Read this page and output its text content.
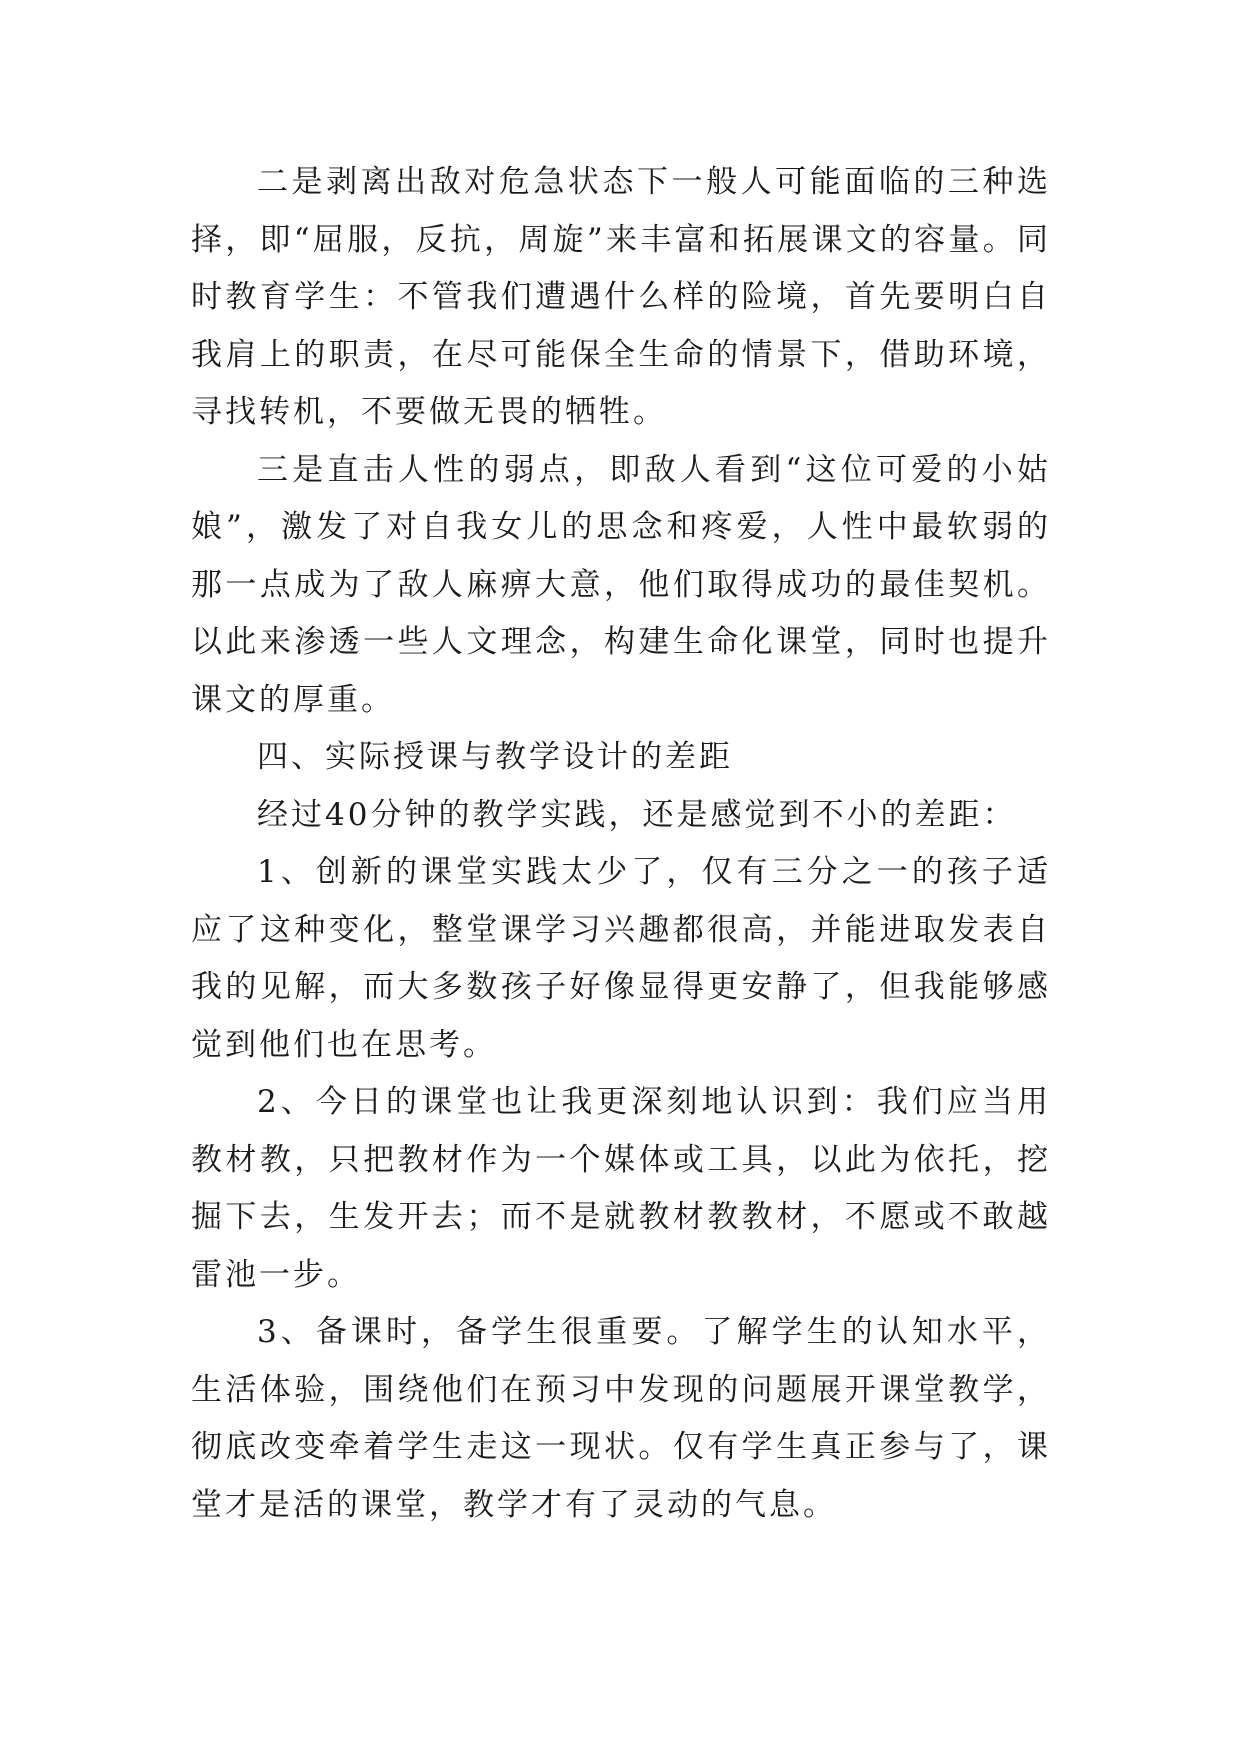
二是剥离出敌对危急状态下一般人可能面临的三种选择，即“屈服，反抗，周旋”来丰富和拓展课文的容量。同时教育学生：不管我们遭遇什么样的险境，首先要明白自我肩上的职责，在尽可能保全生命的情景下，借助环境，寻找转机，不要做无畏的牺牲。

三是直击人性的弱点，即敌人看到“这位可爱的小姑娘”，激发了对自我女儿的思念和疼爱，人性中最软弱的那一点成为了敌人麻痹大意，他们取得成功的最佳契机。以此来渗透一些人文理念，构建生命化课堂，同时也提升课文的厚重。

四、实际授课与教学设计的差距

经过40分钟的教学实践，还是感觉到不小的差距：

1、创新的课堂实践太少了，仅有三分之一的孩子适应了这种变化，整堂课学习兴趣都很高，并能进取发表自我的见解，而大多数孩子好像显得更安静了，但我能够感觉到他们也在思考。

2、今日的课堂也让我更深刻地认识到：我们应当用教材教，只把教材作为一个媒体或工具，以此为依托，挖掘下去，生发开去；而不是就教材教教材，不愿或不敢越雷池一步。

3、备课时，备学生很重要。了解学生的认知水平，生活体验，围绕他们在预习中发现的问题展开课堂教学，彻底改变牵着学生走这一现状。仅有学生真正参与了，课堂才是活的课堂，教学才有了灵动的气息。
